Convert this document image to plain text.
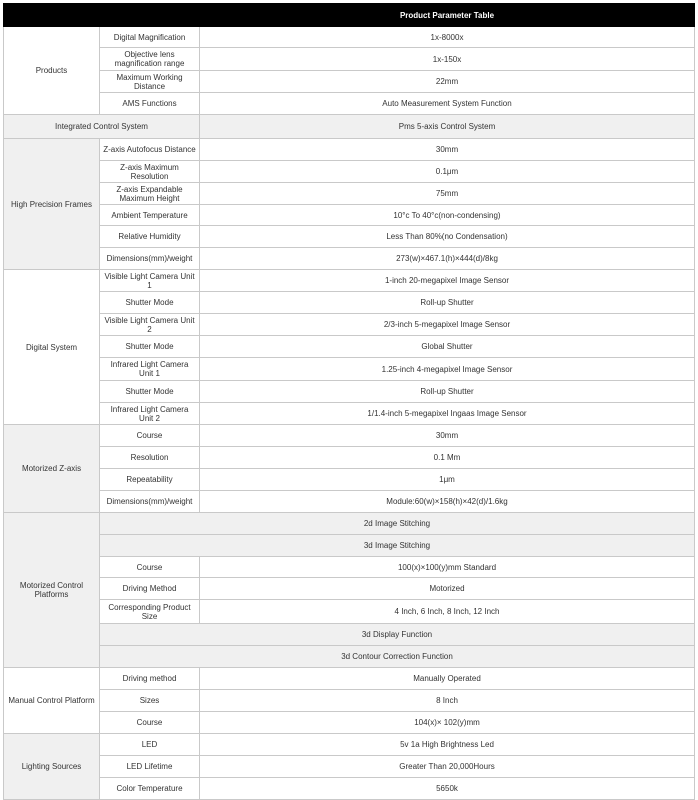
		Product Parameter Table
Products	Digital Magnification	1x-8000x
	Objective lens magnification range	1x-150x
	Maximum Working Distance	22mm
	AMS Functions	Auto Measurement System Function
Integrated Control System		Pms 5-axis Control System
High Precision Frames	Z-axis Autofocus Distance	30mm
	Z-axis Maximum Resolution	0.1μm
	Z-axis Expandable Maximum Height	75mm
	Ambient Temperature	10°c To 40°c(non-condensing)
	Relative Humidity	Less Than 80%(no Condensation)
	Dimensions(mm)/weight	273(w)×467.1(h)×444(d)/8kg
Digital System	Visible Light Camera Unit 1	1-inch 20-megapixel Image Sensor
	Shutter Mode	Roll-up Shutter
	Visible Light Camera Unit 2	2/3-inch 5-megapixel Image Sensor
	Shutter Mode	Global Shutter
	Infrared Light Camera Unit 1	1.25-inch 4-megapixel Image Sensor
	Shutter Mode	Roll-up Shutter
	Infrared Light Camera Unit 2	1/1.4-inch 5-megapixel Ingaas Image Sensor
Motorized Z-axis	Course	30mm
	Resolution	0.1 Mm
	Repeatability	1μm
	Dimensions(mm)/weight	Module:60(w)×158(h)×42(d)/1.6kg
Motorized Control Platforms	2d Image Stitching	
	3d Image Stitching	
	Course	100(x)×100(y)mm Standard
	Driving Method	Motorized
	Corresponding Product Size	4 Inch, 6 Inch, 8 Inch, 12 Inch
	3d Display Function	
	3d Contour Correction Function	
Manual Control Platform	Driving method	Manually Operated
	Sizes	8 Inch
	Course	104(x)× 102(y)mm
Lighting Sources	LED	5v 1a High Brightness Led
	LED Lifetime	Greater Than 20,000Hours
	Color Temperature	5650k
